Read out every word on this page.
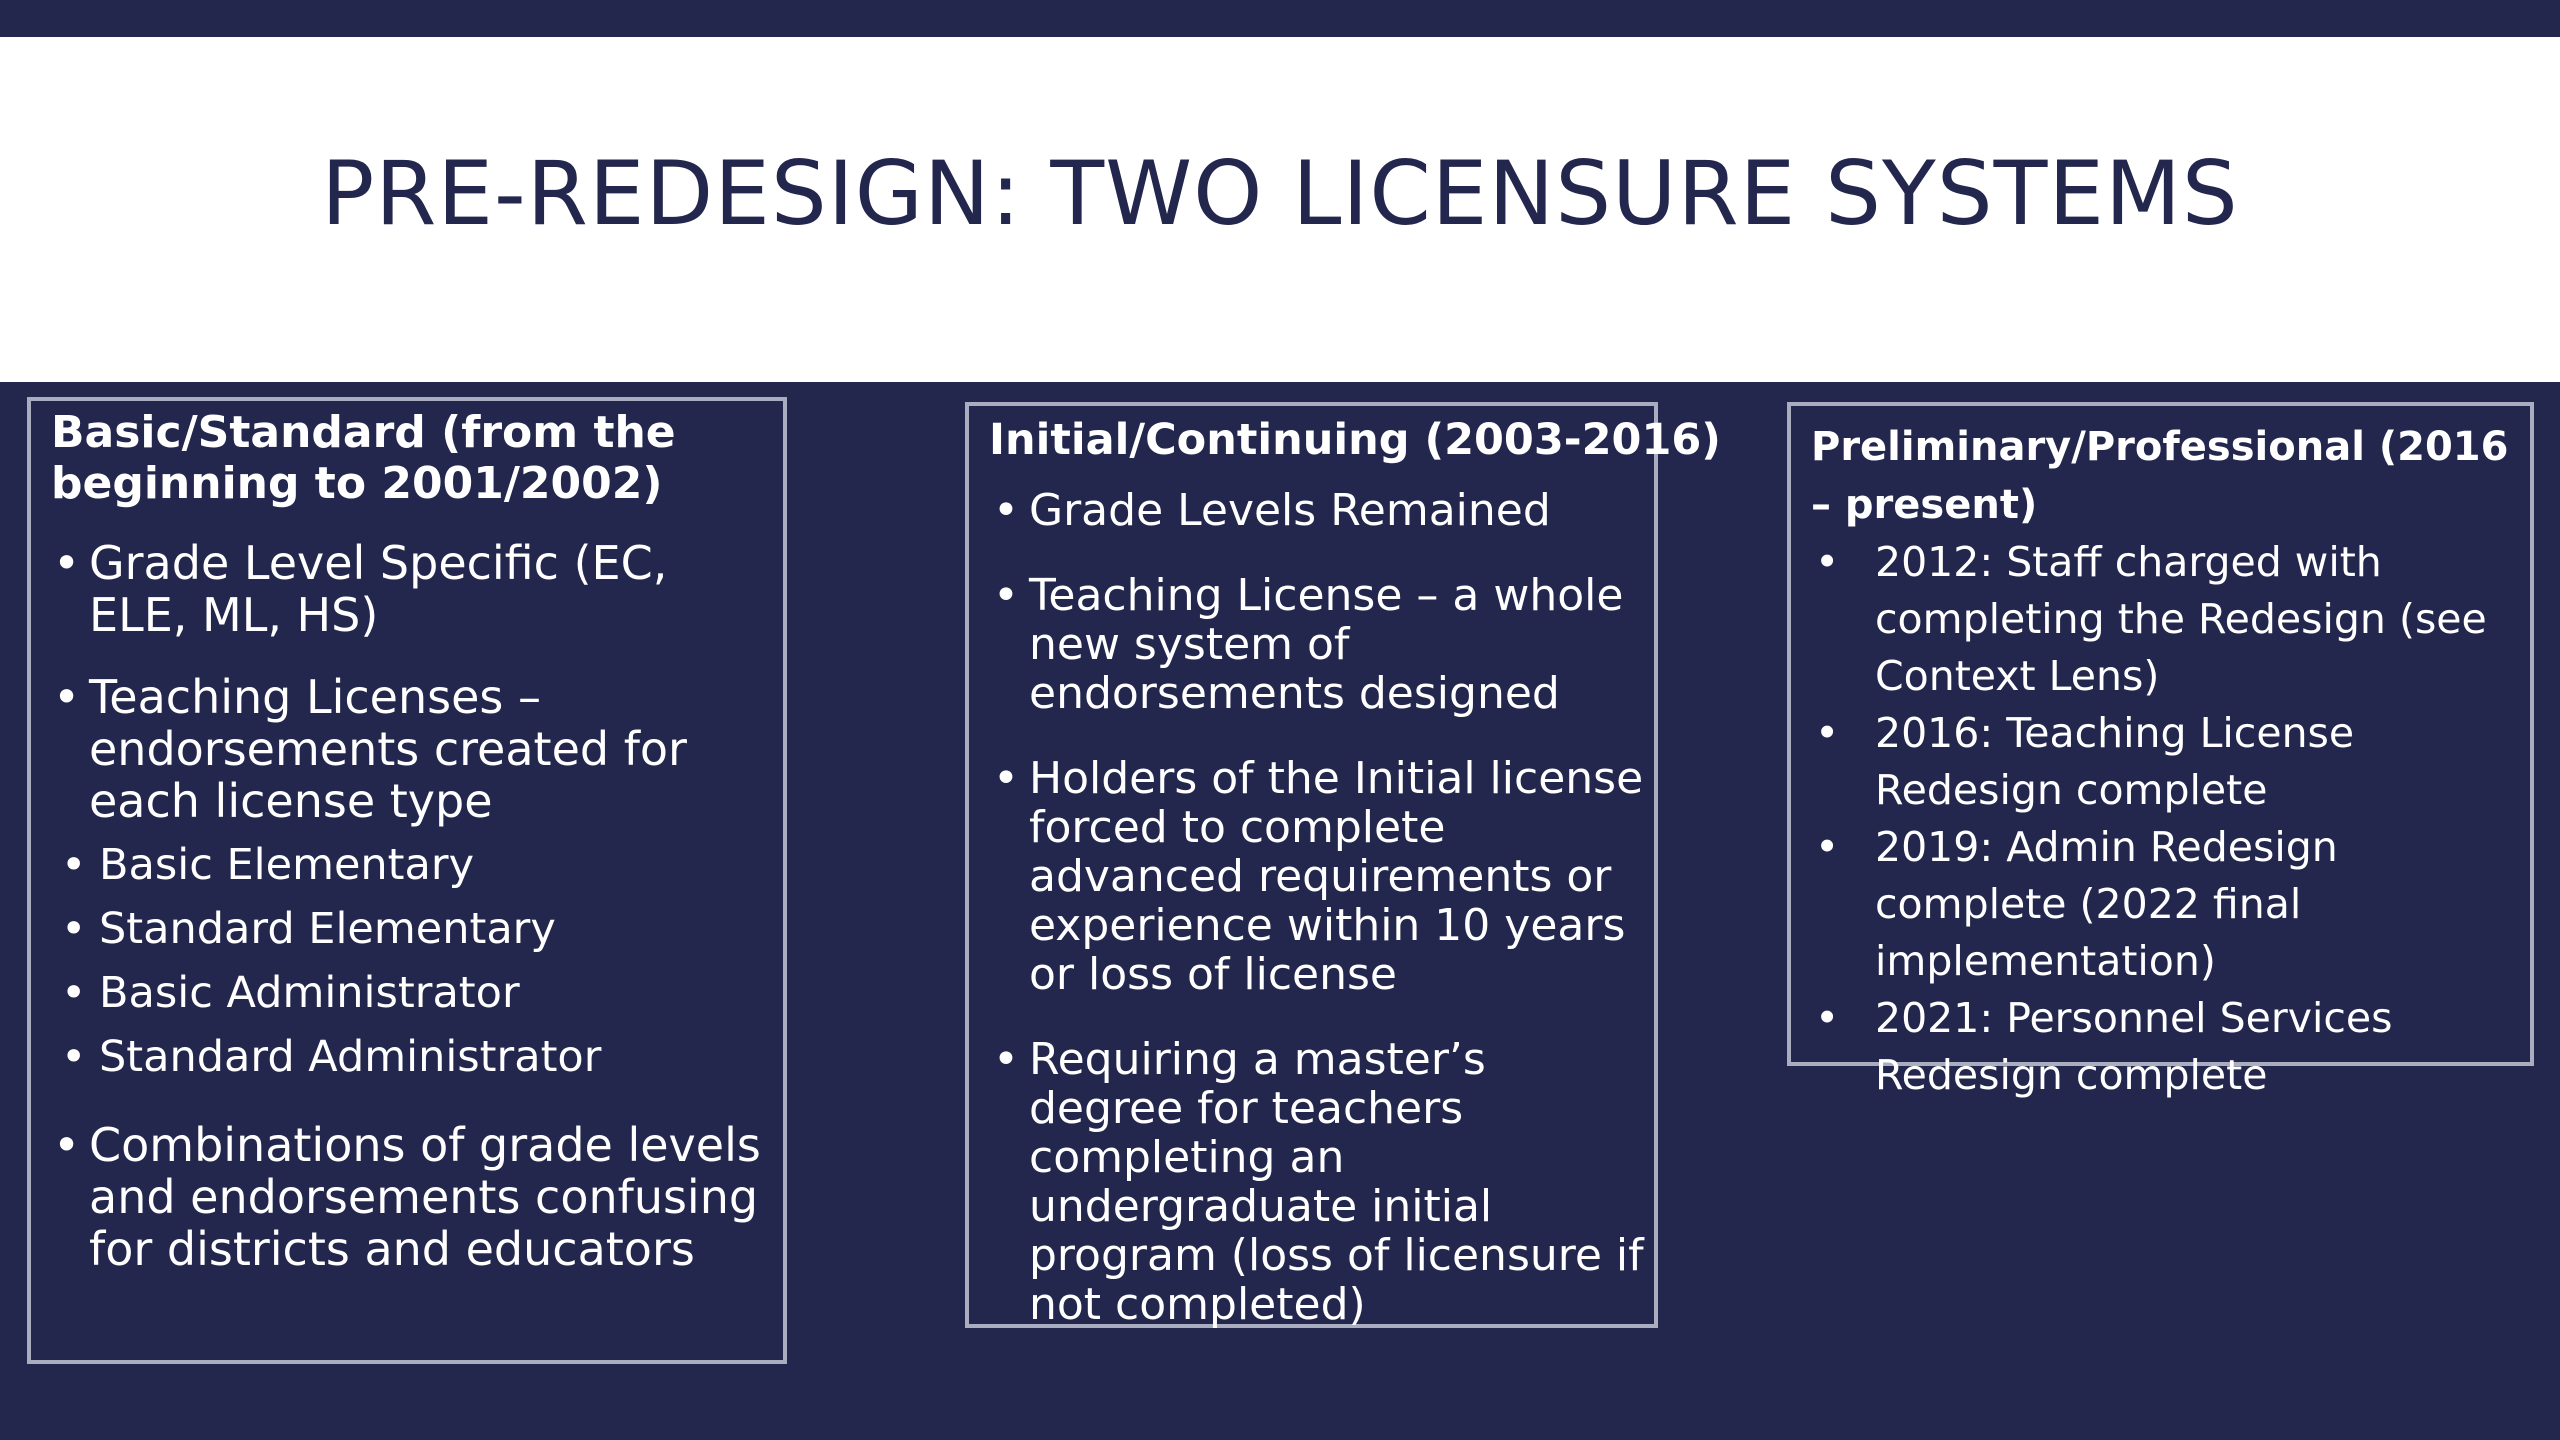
PRE-REDESIGN: TWO LICENSURE SYSTEMS

Basic/Standard (from the beginning to 2001/2002)

• Grade Level Specific (EC, ELE, ML, HS)
• Teaching Licenses – endorsements created for each license type
• Basic Elementary
• Standard Elementary
• Basic Administrator
• Standard Administrator
• Combinations of grade levels and endorsements confusing for districts and educators

Initial/Continuing (2003-2016)

• Grade Levels Remained
• Teaching License – a whole new system of endorsements designed
• Holders of the Initial license forced to complete advanced requirements or experience within 10 years or loss of license
• Requiring a master’s degree for teachers completing an undergraduate initial program (loss of licensure if not completed)

Preliminary/Professional (2016 – present)

• 2012: Staff charged with completing the Redesign (see Context Lens)
• 2016: Teaching License Redesign complete
• 2019: Admin Redesign complete (2022 final implementation)
• 2021: Personnel Services Redesign complete
